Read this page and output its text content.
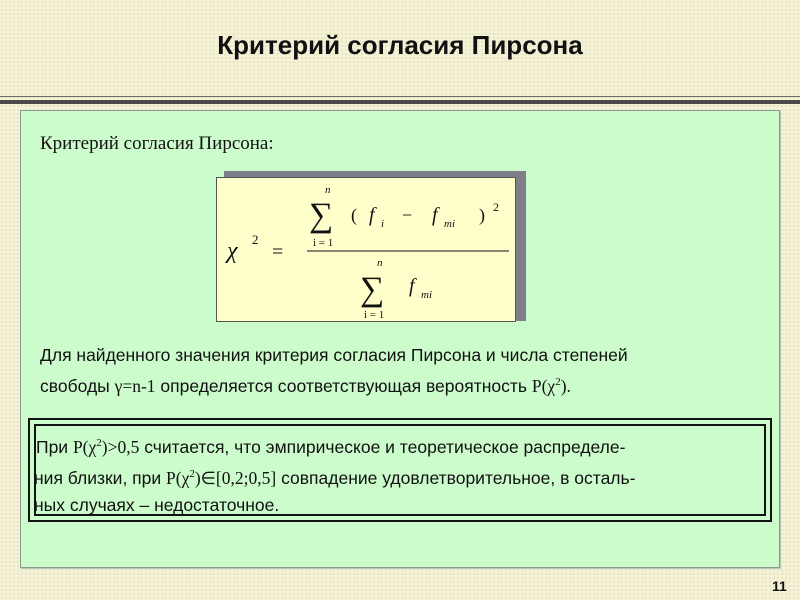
Критерий согласия Пирсона
Критерий согласия Пирсона:
χ 2
=
n
∑
i = 1
( f i − f mi ) 2
n
∑
i = 1
f mi
Для найденного значения критерия согласия Пирсона и числа степеней
свободы γ=n-1 определяется соответствующая вероятность $P(\chi^2)$.
При $P(\chi^2)>0,5$ считается, что эмпирическое и теоретическое распределе-
ния близки, при $P(\chi^2)\in[0,2;0,5]$ совпадение удовлетворительное, в осталь-
ных случаях – недостаточное.
11
